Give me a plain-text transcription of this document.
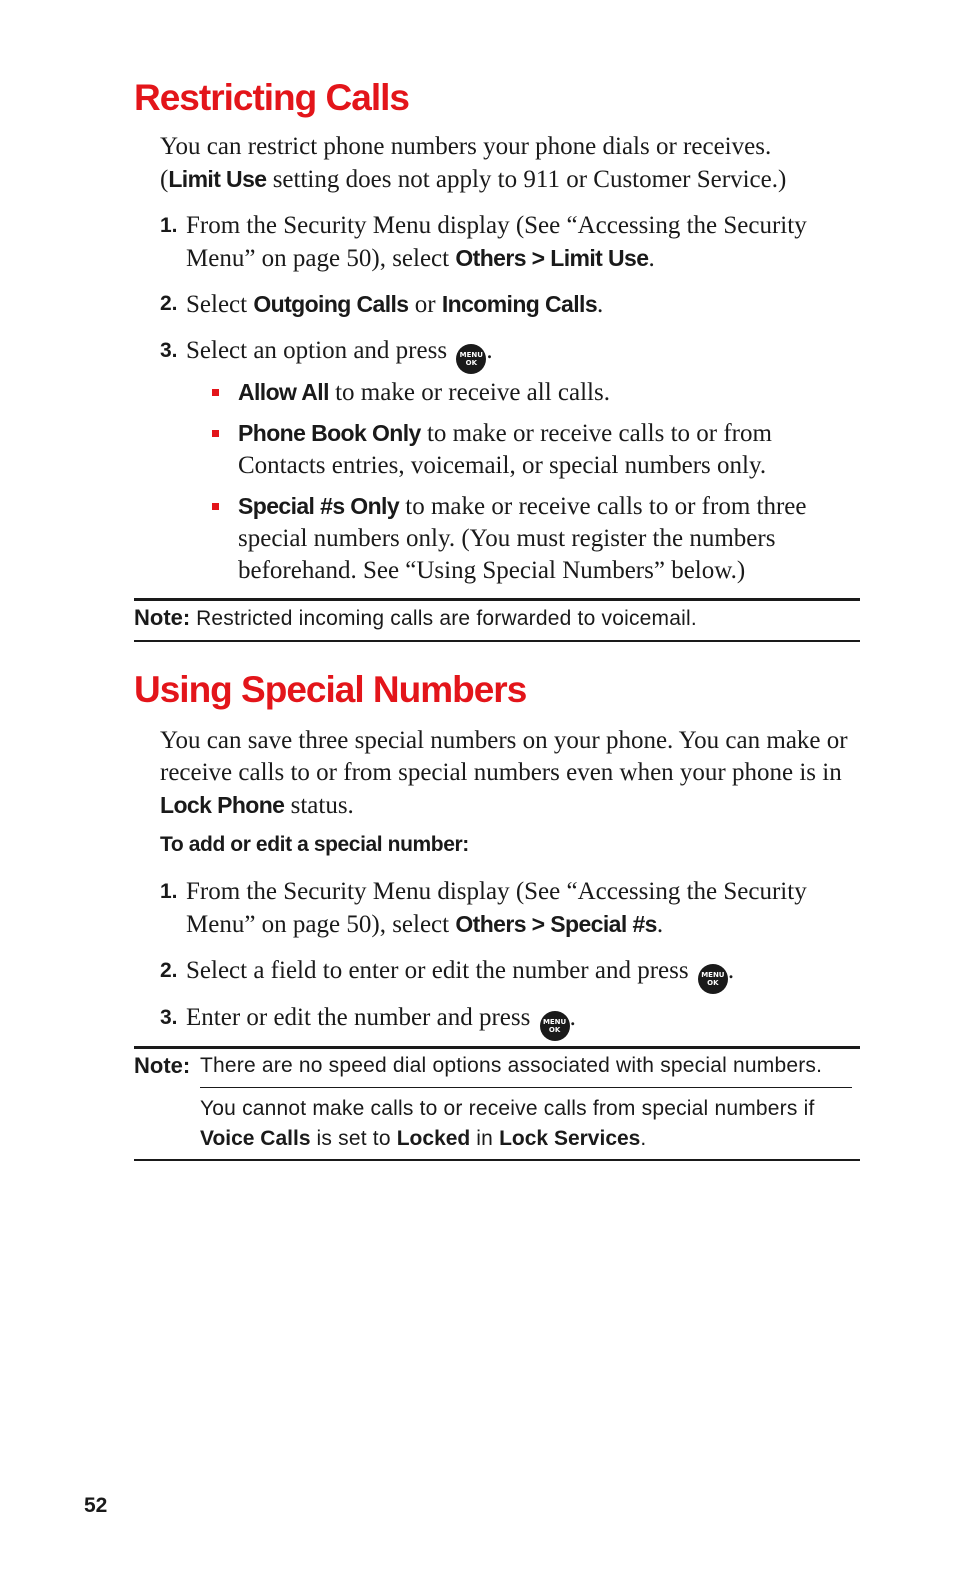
Restricting Calls

You can restrict phone numbers your phone dials or receives.
(Limit Use setting does not apply to 911 or Customer Service.)

1. From the Security Menu display (See “Accessing the Security Menu” on page 50), select Others > Limit Use.
2. Select Outgoing Calls or Incoming Calls.
3. Select an option and press MENU
OK .
Allow All to make or receive all calls.
Phone Book Only to make or receive calls to or from Contacts entries, voicemail, or special numbers only.
Special #s Only to make or receive calls to or from three special numbers only. (You must register the numbers beforehand. See “Using Special Numbers” below.)
Note: Restricted incoming calls are forwarded to voicemail.
Using Special Numbers

You can save three special numbers on your phone. You can make or receive calls to or from special numbers even when your phone is in Lock Phone status.

To add or edit a special number:
1. From the Security Menu display (See “Accessing the Security Menu” on page 50), select Others > Special #s.
2. Select a field to enter or edit the number and press MENU
OK .
3. Enter or edit the number and press MENU
OK .
Note: There are no speed dial options associated with special numbers.
You cannot make calls to or receive calls from special numbers if Voice Calls is set to Locked in Lock Services.
52
